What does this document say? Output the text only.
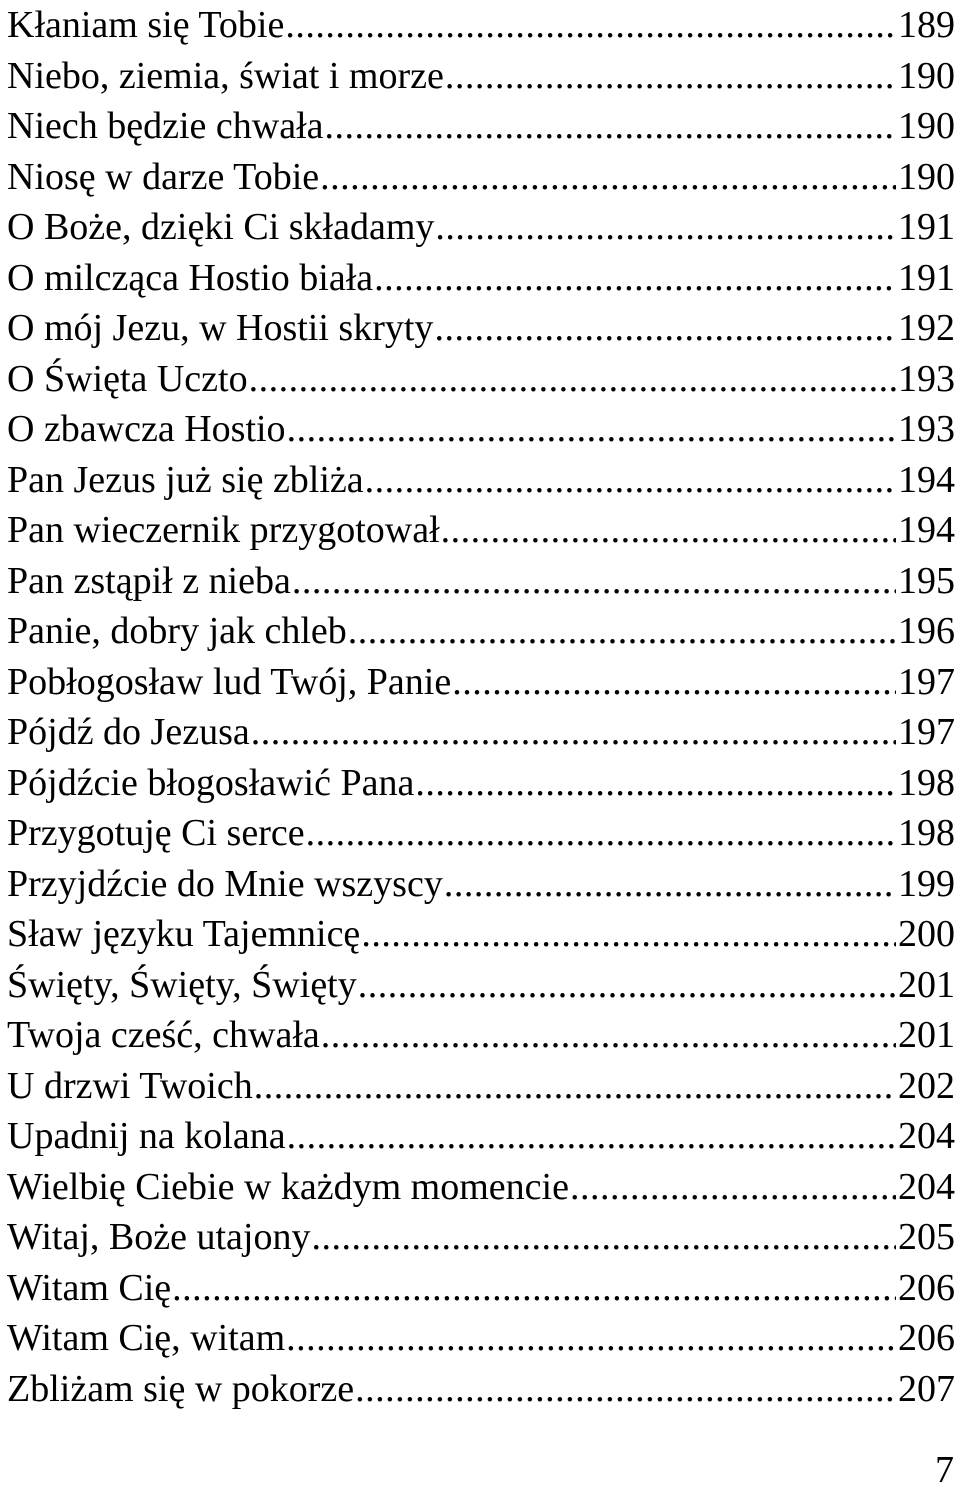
Kłaniam się Tobie .....	189
Niebo, ziemia, świat i morze .....	190
Niech będzie chwała .....	190
Niosę w darze Tobie .....	190
O Boże, dzięki Ci składamy .....	191
O milcząca Hostio biała .....	191
O mój Jezu, w Hostii skryty .....	192
O Święta Uczto .....	193
O zbawcza Hostio .....	193
Pan Jezus już się zbliża .....	194
Pan wieczernik przygotował .....	194
Pan zstąpił z nieba .....	195
Panie, dobry jak chleb .....	196
Pobłogosław lud Twój, Panie .....	197
Pójdź do Jezusa .....	197
Pójdźcie błogosławić Pana .....	198
Przygotuję Ci serce .....	198
Przyjdźcie do Mnie wszyscy .....	199
Sław języku Tajemnicę .....	200
Święty, Święty, Święty .....	201
Twoja cześć, chwała .....	201
U drzwi Twoich .....	202
Upadnij na kolana .....	204
Wielbię Ciebie w każdym momencie .....	204
Witaj, Boże utajony .....	205
Witam Cię .....	206
Witam Cię, witam .....	206
Zbliżam się w pokorze .....	207
7
